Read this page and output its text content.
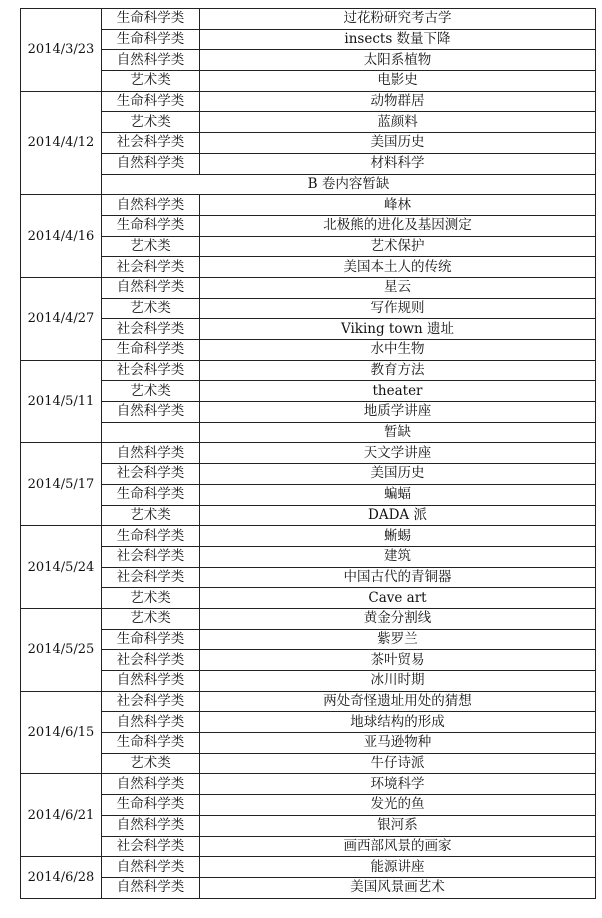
2014/3/23	生命科学类	过花粉研究考古学
	生命科学类	insects 数量下降
	自然科学类	太阳系植物
	艺术类	电影史
2014/4/12	生命科学类	动物群居
	艺术类	蓝颜料
	社会科学类	美国历史
	自然科学类	材料科学
	B 卷内容暂缺	
2014/4/16	自然科学类	峰林
	生命科学类	北极熊的进化及基因测定
	艺术类	艺术保护
	社会科学类	美国本土人的传统
2014/4/27	自然科学类	星云
	艺术类	写作规则
	社会科学类	Viking town 遗址
	生命科学类	水中生物
2014/5/11	社会科学类	教育方法
	艺术类	theater
	自然科学类	地质学讲座
		暂缺
2014/5/17	自然科学类	天文学讲座
	社会科学类	美国历史
	生命科学类	蝙蝠
	艺术类	DADA 派
2014/5/24	生命科学类	蜥蜴
	社会科学类	建筑
	社会科学类	中国古代的青铜器
	艺术类	Cave art
2014/5/25	艺术类	黄金分割线
	生命科学类	紫罗兰
	社会科学类	茶叶贸易
	自然科学类	冰川时期
2014/6/15	社会科学类	两处奇怪遗址用处的猜想
	自然科学类	地球结构的形成
	生命科学类	亚马逊物种
	艺术类	牛仔诗派
2014/6/21	自然科学类	环境科学
	生命科学类	发光的鱼
	自然科学类	银河系
	社会科学类	画西部风景的画家
2014/6/28	自然科学类	能源讲座
	自然科学类	美国风景画艺术
